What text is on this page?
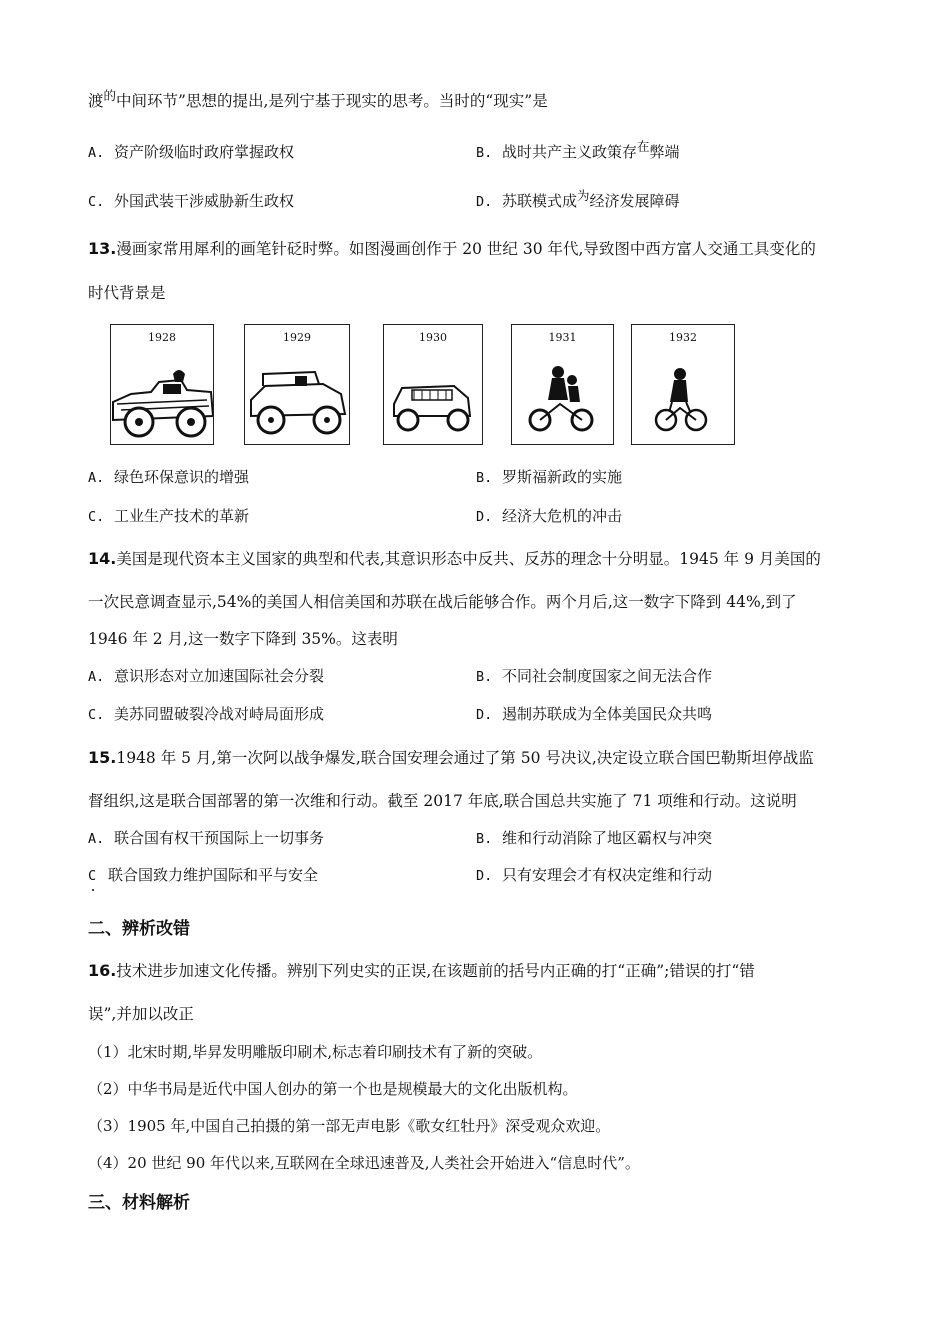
渡$^的$中间环节”思想的提出,是列宁基于现实的思考。当时的“现实”是
A. 资产阶级临时政府掌握政权	B. 战时共产主义政策存$^在$弊端
C. 外国武装干涉威胁新生政权	D. 苏联模式成$^为$经济发展障碍
13.漫画家常用犀利的画笔针砭时弊。如图漫画创作于 20 世纪 30 年代,导致图中西方富人交通工具变化的
时代背景是
1928	1929	1930	1931	1932
A. 绿色环保意识的增强	B. 罗斯福新政的实施
C. 工业生产技术的革新	D. 经济大危机的冲击
14.美国是现代资本主义国家的典型和代表,其意识形态中反共、反苏的理念十分明显。1945 年 9 月美国的
一次民意调查显示,54%的美国人相信美国和苏联在战后能够合作。两个月后,这一数字下降到 44%,到了
1946 年 2 月,这一数字下降到 35%。这表明
A. 意识形态对立加速国际社会分裂	B. 不同社会制度国家之间无法合作
C. 美苏同盟破裂冷战对峙局面形成	D. 遏制苏联成为全体美国民众共鸣
15.1948 年 5 月,第一次阿以战争爆发,联合国安理会通过了第 50 号决议,决定设立联合国巴勒斯坦停战监
督组织,这是联合国部署的第一次维和行动。截至 2017 年底,联合国总共实施了 71 项维和行动。这说明
A. 联合国有权干预国际上一切事务	B. 维和行动消除了地区霸权与冲突
C 联合国致力维护国际和平与安全	D. 只有安理会才有权决定维和行动
二、辨析改错
16.技术进步加速文化传播。辨别下列史实的正误,在该题前的括号内正确的打“正确”;错误的打“错
误”,并加以改正
（1）北宋时期,毕昇发明雕版印刷术,标志着印刷技术有了新的突破。
（2）中华书局是近代中国人创办的第一个也是规模最大的文化出版机构。
（3）1905 年,中国自己拍摄的第一部无声电影《歌女红牡丹》深受观众欢迎。
（4）20 世纪 90 年代以来,互联网在全球迅速普及,人类社会开始进入“信息时代”。
三、材料解析
